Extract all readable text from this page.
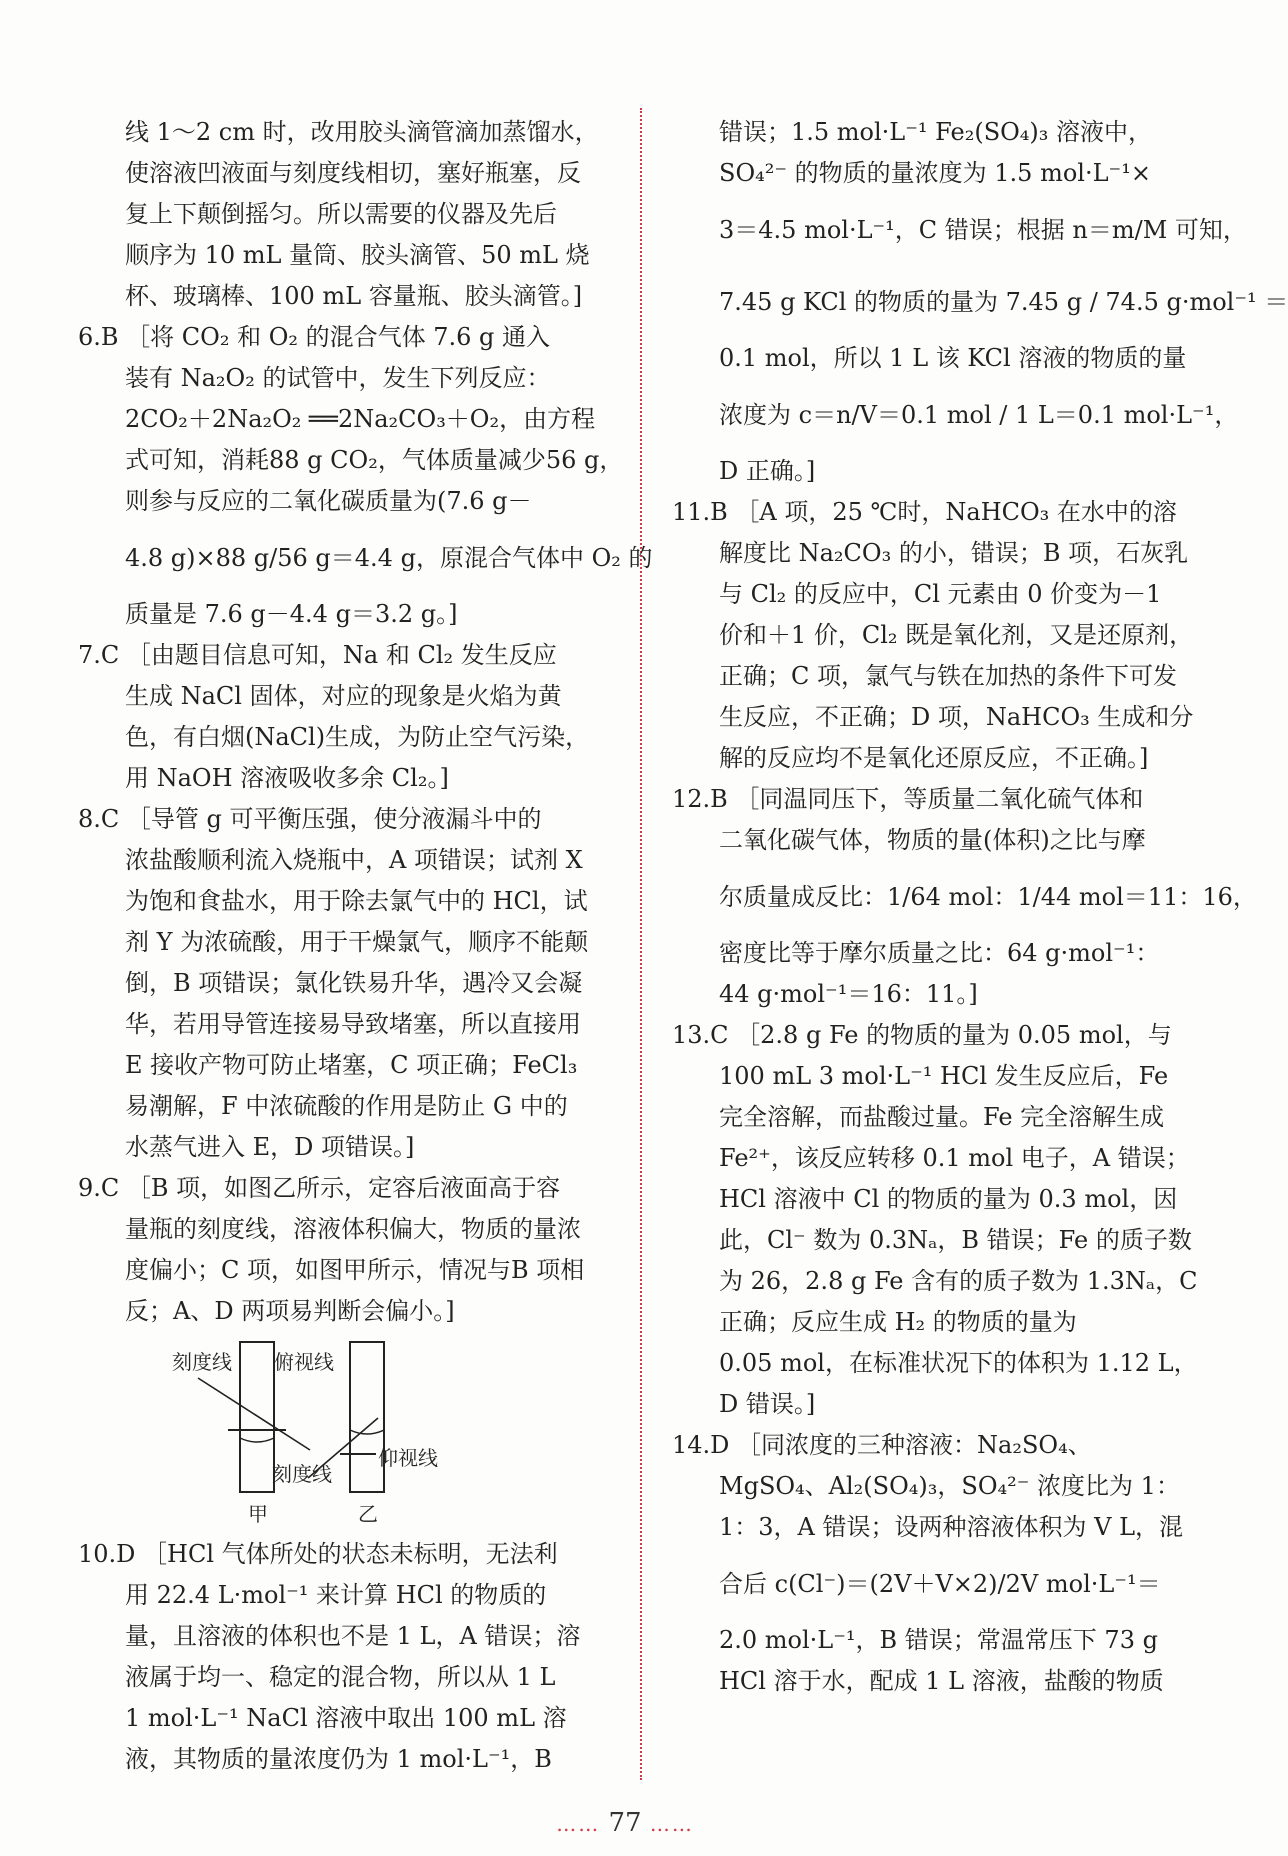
线 1～2 cm 时，改用胶头滴管滴加蒸馏水，
使溶液凹液面与刻度线相切，塞好瓶塞，反
复上下颠倒摇匀。所以需要的仪器及先后
顺序为 10 mL 量筒、胶头滴管、50 mL 烧
杯、玻璃棒、100 mL 容量瓶、胶头滴管。]
6.B ［将 CO₂ 和 O₂ 的混合气体 7.6 g 通入
装有 Na₂O₂ 的试管中，发生下列反应：
2CO₂＋2Na₂O₂ ══2Na₂CO₃＋O₂，由方程
式可知，消耗88 g CO₂，气体质量减少56 g，
则参与反应的二氧化碳质量为(7.6 g－
4.8 g)×88 g/56 g＝4.4 g，原混合气体中 O₂ 的
质量是 7.6 g－4.4 g＝3.2 g。]
7.C ［由题目信息可知，Na 和 Cl₂ 发生反应
生成 NaCl 固体，对应的现象是火焰为黄
色，有白烟(NaCl)生成，为防止空气污染，
用 NaOH 溶液吸收多余 Cl₂。]
8.C ［导管 g 可平衡压强，使分液漏斗中的
浓盐酸顺利流入烧瓶中，A 项错误；试剂 X
为饱和食盐水，用于除去氯气中的 HCl，试
剂 Y 为浓硫酸，用于干燥氯气，顺序不能颠
倒，B 项错误；氯化铁易升华，遇冷又会凝
华，若用导管连接易导致堵塞，所以直接用
E 接收产物可防止堵塞，C 项正确；FeCl₃
易潮解，F 中浓硫酸的作用是防止 G 中的
水蒸气进入 E，D 项错误。]
9.C ［B 项，如图乙所示，定容后液面高于容
量瓶的刻度线，溶液体积偏大，物质的量浓
度偏小；C 项，如图甲所示，情况与B 项相
反；A、D 两项易判断会偏小。]
刻度线 俯视线
刻度线
仰视线
甲	乙
10.D ［HCl 气体所处的状态未标明，无法利
用 22.4 L·mol⁻¹ 来计算 HCl 的物质的
量，且溶液的体积也不是 1 L，A 错误；溶
液属于均一、稳定的混合物，所以从 1 L
1 mol·L⁻¹ NaCl 溶液中取出 100 mL 溶
液，其物质的量浓度仍为 1 mol·L⁻¹，B
错误；1.5 mol·L⁻¹ Fe₂(SO₄)₃ 溶液中，
SO₄²⁻ 的物质的量浓度为 1.5 mol·L⁻¹×
3＝4.5 mol·L⁻¹，C 错误；根据 n＝m/M 可知，
7.45 g KCl 的物质的量为 7.45 g / 74.5 g·mol⁻¹ ＝
0.1 mol，所以 1 L 该 KCl 溶液的物质的量
浓度为 c＝n/V＝0.1 mol / 1 L＝0.1 mol·L⁻¹，
D 正确。]
11.B ［A 项，25 ℃时，NaHCO₃ 在水中的溶
解度比 Na₂CO₃ 的小，错误；B 项，石灰乳
与 Cl₂ 的反应中，Cl 元素由 0 价变为－1
价和＋1 价，Cl₂ 既是氧化剂，又是还原剂，
正确；C 项，氯气与铁在加热的条件下可发
生反应，不正确；D 项，NaHCO₃ 生成和分
解的反应均不是氧化还原反应，不正确。]
12.B ［同温同压下，等质量二氧化硫气体和
二氧化碳气体，物质的量(体积)之比与摩
尔质量成反比：1/64 mol：1/44 mol＝11：16，
密度比等于摩尔质量之比：64 g·mol⁻¹：
44 g·mol⁻¹＝16：11。]
13.C ［2.8 g Fe 的物质的量为 0.05 mol，与
100 mL 3 mol·L⁻¹ HCl 发生反应后，Fe
完全溶解，而盐酸过量。Fe 完全溶解生成
Fe²⁺，该反应转移 0.1 mol 电子，A 错误；
HCl 溶液中 Cl 的物质的量为 0.3 mol，因
此，Cl⁻ 数为 0.3Nₐ，B 错误；Fe 的质子数
为 26，2.8 g Fe 含有的质子数为 1.3Nₐ，C
正确；反应生成 H₂ 的物质的量为
0.05 mol，在标准状况下的体积为 1.12 L，
D 错误。]
14.D ［同浓度的三种溶液：Na₂SO₄、
MgSO₄、Al₂(SO₄)₃，SO₄²⁻ 浓度比为 1：
1：3，A 错误；设两种溶液体积为 V L，混
合后 c(Cl⁻)＝(2V＋V×2)/2V mol·L⁻¹＝
2.0 mol·L⁻¹，B 错误；常温常压下 73 g
HCl 溶于水，配成 1 L 溶液，盐酸的物质
…… 77 ……
